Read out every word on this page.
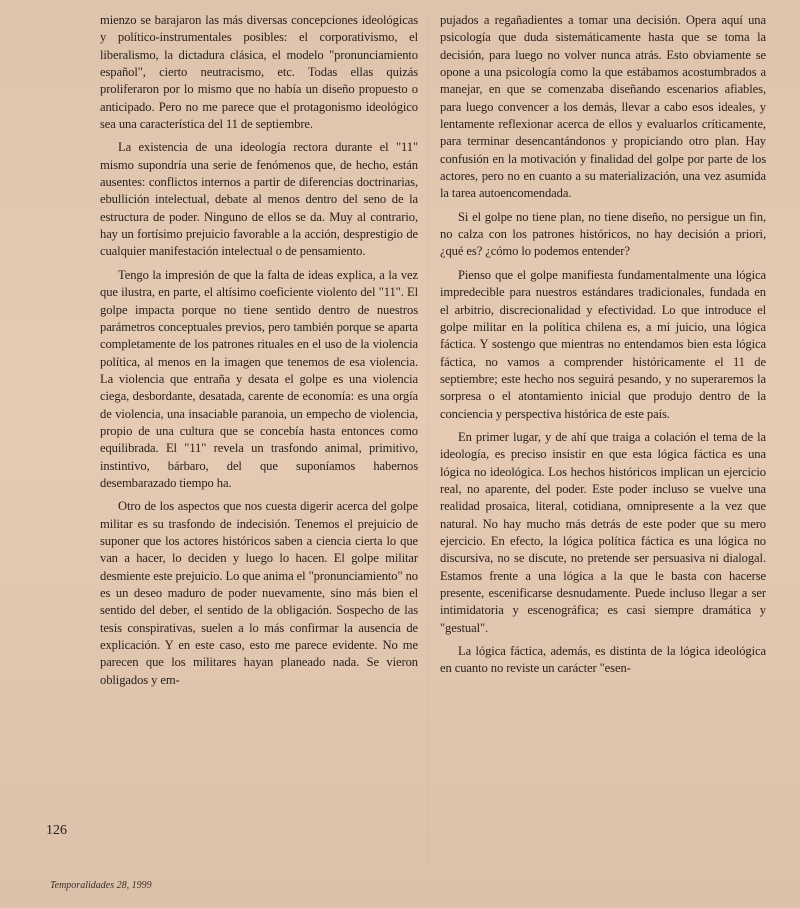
mienzo se barajaron las más diversas concepciones ideológicas y político-instrumentales posibles: el corporativismo, el liberalismo, la dictadura clásica, el modelo "pronunciamiento español", cierto neutracismo, etc. Todas ellas quizás proliferaron por lo mismo que no había un diseño propuesto o anticipado. Pero no me parece que el protagonismo ideológico sea una característica del 11 de septiembre.

La existencia de una ideología rectora durante el "11" mismo supondría una serie de fenómenos que, de hecho, están ausentes: conflictos internos a partir de diferencias doctrinarias, ebullición intelectual, debate al menos dentro del seno de la estructura de poder. Ninguno de ellos se da. Muy al contrario, hay un fortísimo prejuicio favorable a la acción, desprestigio de cualquier manifestación intelectual o de pensamiento.

Tengo la impresión de que la falta de ideas explica, a la vez que ilustra, en parte, el altísimo coeficiente violento del "11". El golpe impacta porque no tiene sentido dentro de nuestros parámetros conceptuales previos, pero también porque se aparta completamente de los patrones rituales en el uso de la violencia política, al menos en la imagen que tenemos de esa violencia. La violencia que entraña y desata el golpe es una violencia ciega, desbordante, desatada, carente de economía: es una orgía de violencia, una insaciable paranoia, un empecho de violencia, propio de una cultura que se concebía hasta entonces como equilibrada. El "11" revela un trasfondo animal, primitivo, instintivo, bárbaro, del que suponíamos habernos desembarazado tiempo ha.

Otro de los aspectos que nos cuesta digerir acerca del golpe militar es su trasfondo de indecisión. Tenemos el prejuicio de suponer que los actores históricos saben a ciencia cierta lo que van a hacer, lo deciden y luego lo hacen. El golpe militar desmiente este prejuicio. Lo que anima el "pronunciamiento" no es un deseo maduro de poder nuevamente, sino más bien el sentido del deber, el sentido de la obligación. Sospecho de las tesis conspirativas, suelen a lo más confirmar la ausencia de explicación. Y en este caso, esto me parece evidente. No me parecen que los militares hayan planeado nada. Se vieron obligados y em-

pujados a regañadientes a tomar una decisión. Opera aquí una psicología que duda sistemáticamente hasta que se toma la decisión, para luego no volver nunca atrás. Esto obviamente se opone a una psicología como la que estábamos acostumbrados a manejar, en que se comenzaba diseñando escenarios afiables, para luego convencer a los demás, llevar a cabo esos ideales, y lentamente reflexionar acerca de ellos y evaluarlos críticamente, para terminar desencantándonos y propiciando otro plan. Hay confusión en la motivación y finalidad del golpe por parte de los actores, pero no en cuanto a su materialización, una vez asumida la tarea autoencomendada.

Si el golpe no tiene plan, no tiene diseño, no persigue un fin, no calza con los patrones históricos, no hay decisión a priori, ¿qué es? ¿cómo lo podemos entender?

Pienso que el golpe manifiesta fundamentalmente una lógica impredecible para nuestros estándares tradicionales, fundada en el arbitrio, discrecionalidad y efectividad. Lo que introduce el golpe militar en la política chilena es, a mi juicio, una lógica fáctica. Y sostengo que mientras no entendamos bien esta lógica fáctica, no vamos a comprender históricamente el 11 de septiembre; este hecho nos seguirá pesando, y no superaremos la sorpresa o el atontamiento inicial que produjo dentro de la conciencia y perspectiva histórica de este país.

En primer lugar, y de ahí que traiga a colación el tema de la ideología, es preciso insistir en que esta lógica fáctica es una lógica no ideológica. Los hechos históricos implican un ejercicio real, no aparente, del poder. Este poder incluso se vuelve una realidad prosaica, literal, cotidiana, omnipresente a la vez que natural. No hay mucho más detrás de este poder que su mero ejercicio. En efecto, la lógica política fáctica es una lógica no discursiva, no se discute, no pretende ser persuasiva ni dialogal. Estamos frente a una lógica a la que le basta con hacerse presente, escenificarse desnudamente. Puede incluso llegar a ser intimidatoria y escenográfica; es casi siempre dramática y "gestual".

La lógica fáctica, además, es distinta de la lógica ideológica en cuanto no reviste un carácter "esen-

126
Temporalidades 28, 1999
